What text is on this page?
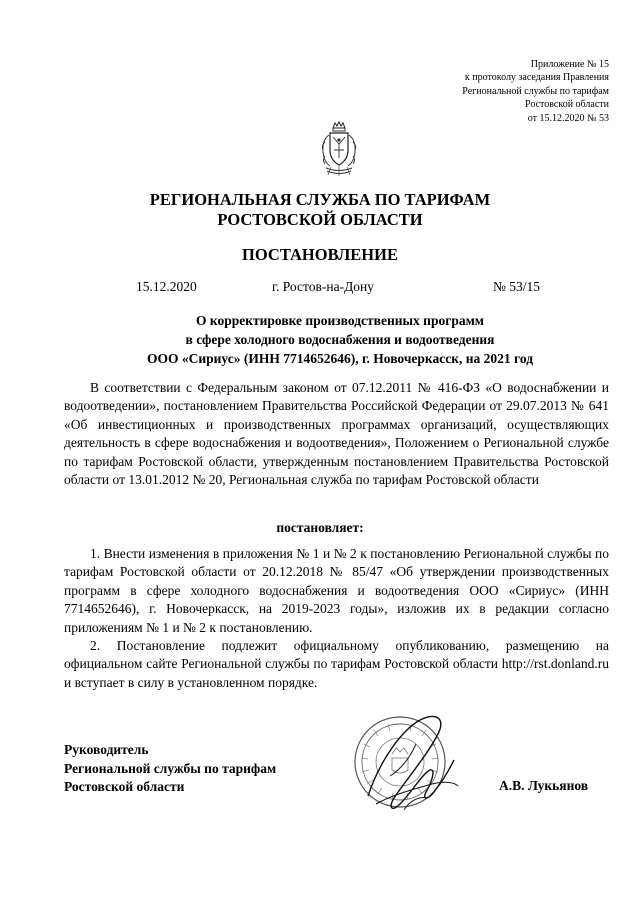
Приложение № 15
к протоколу заседания Правления
Региональной службы по тарифам
Ростовской области
от 15.12.2020 № 53
РЕГИОНАЛЬНАЯ СЛУЖБА ПО ТАРИФАМ
РОСТОВСКОЙ ОБЛАСТИ
ПОСТАНОВЛЕНИЕ
15.12.2020	г. Ростов-на-Дону	№ 53/15
О корректировке производственных программ
в сфере холодного водоснабжения и водоотведения
ООО «Сириус» (ИНН 7714652646), г. Новочеркасск, на 2021 год

В соответствии с Федеральным законом от 07.12.2011 № 416-ФЗ «О водоснабжении и водоотведении», постановлением Правительства Российской Федерации от 29.07.2013 № 641 «Об инвестиционных и производственных программах организаций, осуществляющих деятельность в сфере водоснабжения и водоотведения», Положением о Региональной службе по тарифам Ростовской области, утвержденным постановлением Правительства Ростовской области от 13.01.2012 № 20, Региональная служба по тарифам Ростовской области

постановляет:

1. Внести изменения в приложения № 1 и № 2 к постановлению Региональной службы по тарифам Ростовской области от 20.12.2018 № 85/47 «Об утверждении производственных программ в сфере холодного водоснабжения и водоотведения ООО «Сириус» (ИНН 7714652646), г. Новочеркасск, на 2019-2023 годы», изложив их в редакции согласно приложениям № 1 и № 2 к постановлению.

2. Постановление подлежит официальному опубликованию, размещению на официальном сайте Региональной службы по тарифам Ростовской области http://rst.donland.ru и вступает в силу в установленном порядке.

Руководитель
Региональной службы по тарифам
Ростовской области	А.В. Лукьянов
